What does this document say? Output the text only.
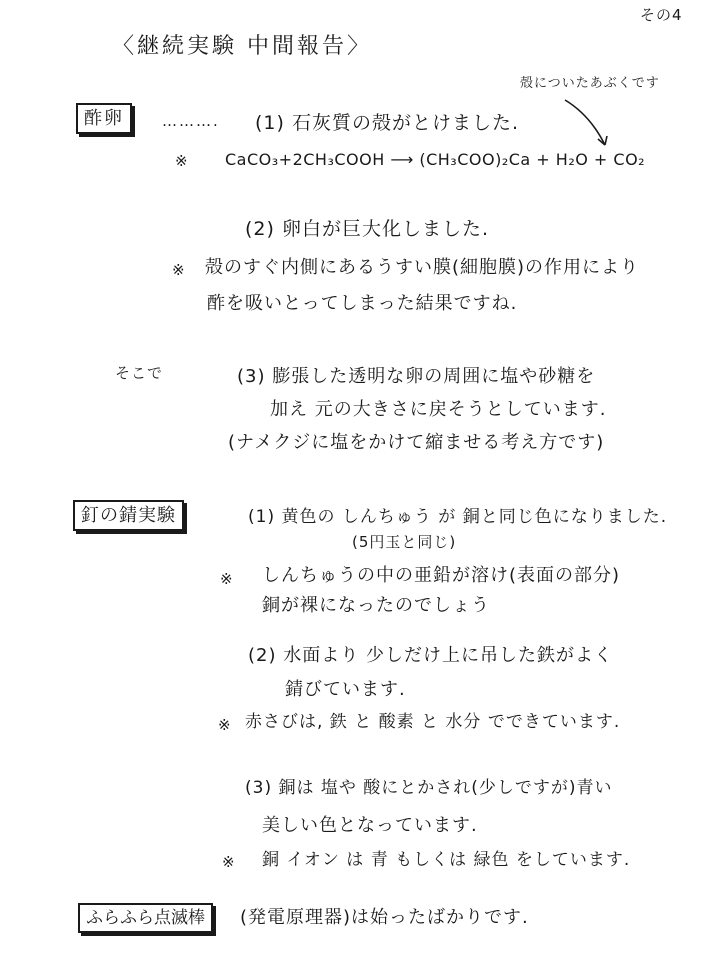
その4
〈継続実験 中間報告〉
殻についたあぶくです
酢卵	………. (1) 石灰質の殻がとけました.
※ CaCO₃+2CH₃COOH ⟶ (CH₃COO)₂Ca + H₂O + CO₂
(2) 卵白が巨大化しました.
※ 殻のすぐ内側にあるうすい膜(細胞膜)の作用により
酢を吸いとってしまった結果ですね.
そこで	(3) 膨張した透明な卵の周囲に塩や砂糖を
加え 元の大きさに戻そうとしています.
(ナメクジに塩をかけて縮ませる考え方です)
釘の錆実験	(1) 黄色の しんちゅう が 銅と同じ色になりました.
(5円玉と同じ)
※ しんちゅうの中の亜鉛が溶け(表面の部分)
銅が裸になったのでしょう
(2) 水面より 少しだけ上に吊した鉄がよく
錆びています.
※ 赤さびは, 鉄 と 酸素 と 水分 でできています.
(3) 銅は 塩や 酸にとかされ(少しですが)青い
美しい色となっています.
※ 銅 イオン は 青 もしくは 緑色 をしています.
ふらふら点滅棒	(発電原理器)は始ったばかりです.
